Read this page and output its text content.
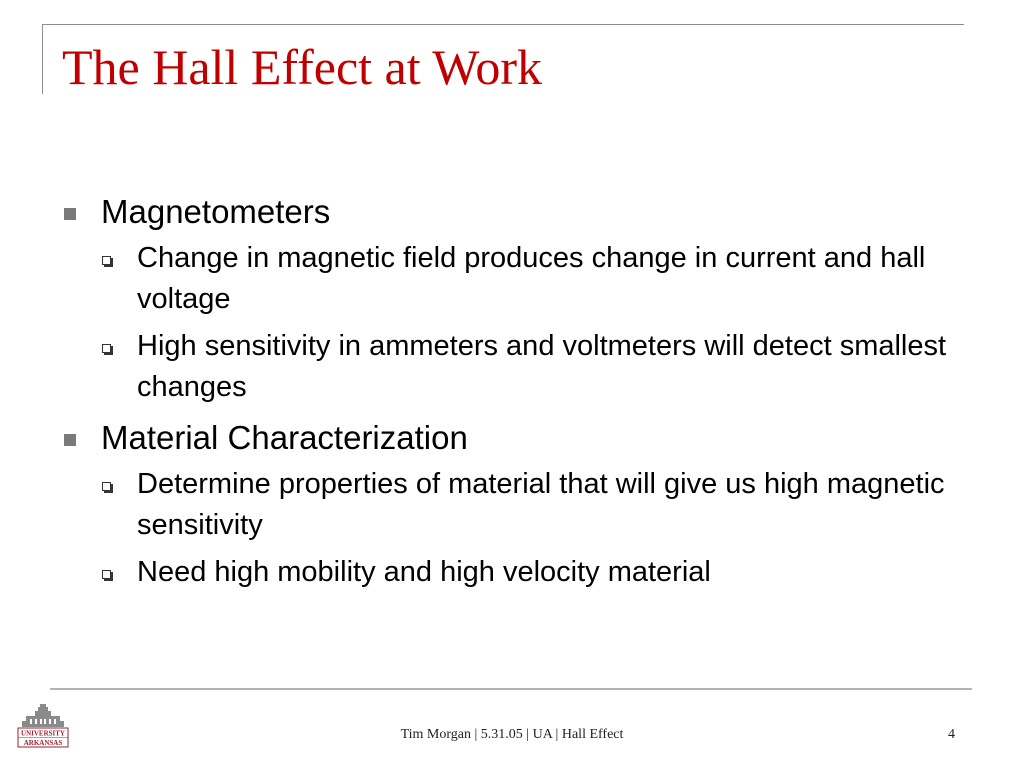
The Hall Effect at Work

Magnetometers

Change in magnetic field produces change in current and hall voltage

High sensitivity in ammeters and voltmeters will detect smallest changes

Material Characterization

Determine properties of material that will give us high magnetic sensitivity

Need high mobility and high velocity material

UNIVERSITY
ARKANSAS
Tim Morgan | 5.31.05 | UA | Hall Effect	4
